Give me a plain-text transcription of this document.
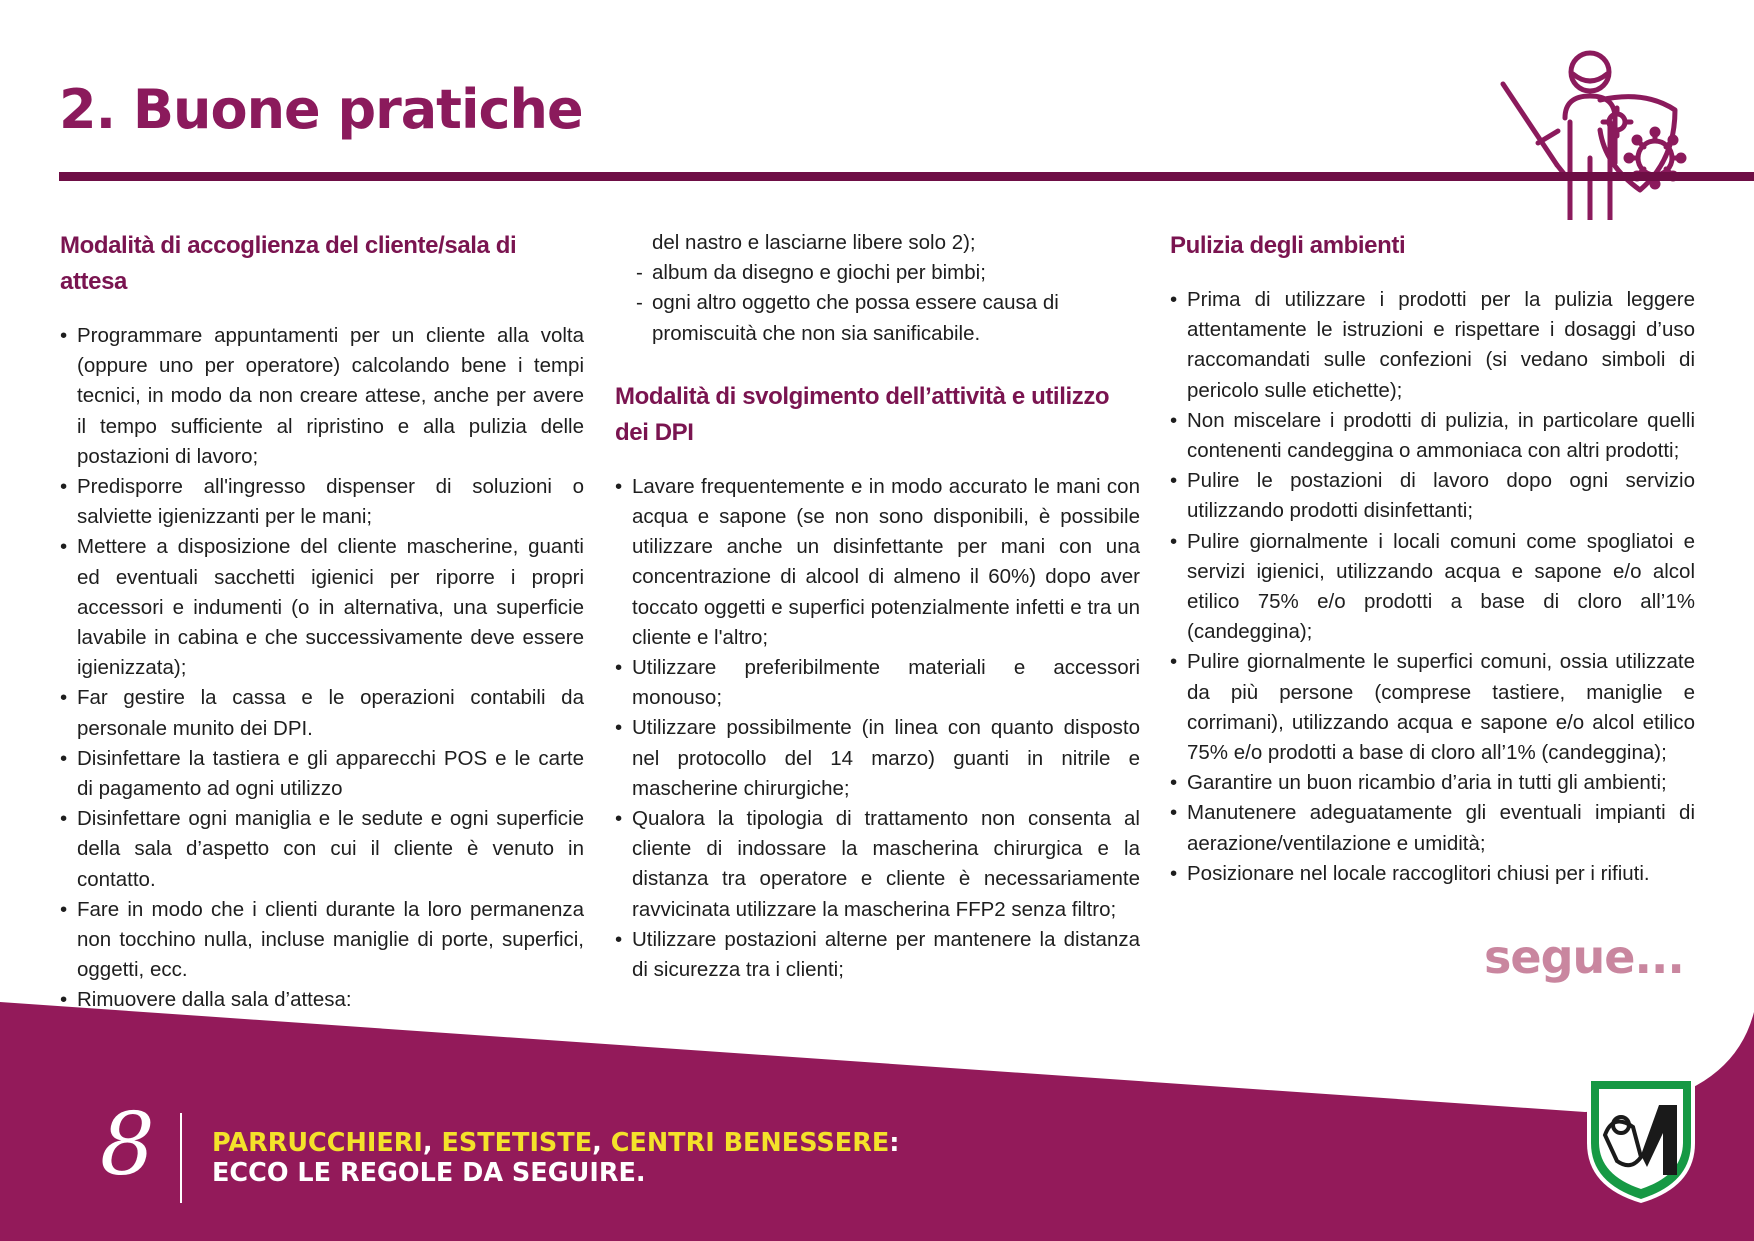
2. Buone pratiche
Modalità di accoglienza del cliente/sala di attesa
• Programmare appuntamenti per un cliente alla volta (oppure uno per operatore) calcolando bene i tempi tecnici, in modo da non creare attese, anche per avere il tempo sufficiente al ripristino e alla pulizia delle postazioni di lavoro;
• Predisporre all'ingresso dispenser di soluzioni o salviette igienizzanti per le mani;
• Mettere a disposizione del cliente mascherine, guanti ed eventuali sacchetti igienici per riporre i propri accessori e indumenti (o in alternativa, una superficie lavabile in cabina e che successivamente deve essere igienizzata);
• Far gestire la cassa e le operazioni contabili da personale munito dei DPI.
• Disinfettare la tastiera e gli apparecchi POS e le carte di pagamento ad ogni utilizzo
• Disinfettare ogni maniglia e le sedute e ogni superficie della sala d’aspetto con cui il cliente è venuto in contatto.
• Fare in modo che i clienti durante la loro permanenza non tocchino nulla, incluse maniglie di porte, superfici, oggetti, ecc.
• Rimuovere dalla sala d’attesa:
-
-
del nastro e lasciarne libere solo 2);
- album da disegno e giochi per bimbi;
- ogni altro oggetto che possa essere causa di promiscuità che non sia sanificabile.
Modalità di svolgimento dell’attività e utilizzo dei DPI
• Lavare frequentemente e in modo accurato le mani con acqua e sapone (se non sono disponibili, è possibile utilizzare anche un disinfettante per mani con una concentrazione di alcool di almeno il 60%) dopo aver toccato oggetti e superfici potenzialmente infetti e tra un cliente e l'altro;
• Utilizzare preferibilmente materiali e accessori monouso;
• Utilizzare possibilmente (in linea con quanto disposto nel protocollo del 14 marzo) guanti in nitrile e mascherine chirurgiche;
• Qualora la tipologia di trattamento non consenta al cliente di indossare la mascherina chirurgica e la distanza tra operatore e cliente è necessariamente ravvicinata utilizzare la mascherina FFP2 senza filtro;
• Utilizzare postazioni alterne per mantenere la distanza di sicurezza tra i clienti;
Pulizia degli ambienti
• Prima di utilizzare i prodotti per la pulizia leggere attentamente le istruzioni e rispettare i dosaggi d’uso raccomandati sulle confezioni (si vedano simboli di pericolo sulle etichette);
• Non miscelare i prodotti di pulizia, in particolare quelli contenenti candeggina o ammoniaca con altri prodotti;
• Pulire le postazioni di lavoro dopo ogni servizio utilizzando prodotti disinfettanti;
• Pulire giornalmente i locali comuni come spogliatoi e servizi igienici, utilizzando acqua e sapone e/o alcol etilico 75% e/o prodotti a base di cloro all’1% (candeggina);
• Pulire giornalmente le superfici comuni, ossia utilizzate da più persone (comprese tastiere, maniglie e corrimani), utilizzando acqua e sapone e/o alcol etilico 75% e/o prodotti a base di cloro all’1% (candeggina);
• Garantire un buon ricambio d’aria in tutti gli ambienti;
• Manutenere adeguatamente gli eventuali impianti di aerazione/ventilazione e umidità;
• Posizionare nel locale raccoglitori chiusi per i rifiuti.
segue...
8 PARRUCCHIERI, ESTETISTE, CENTRI BENESSERE:
ECCO LE REGOLE DA SEGUIRE.
